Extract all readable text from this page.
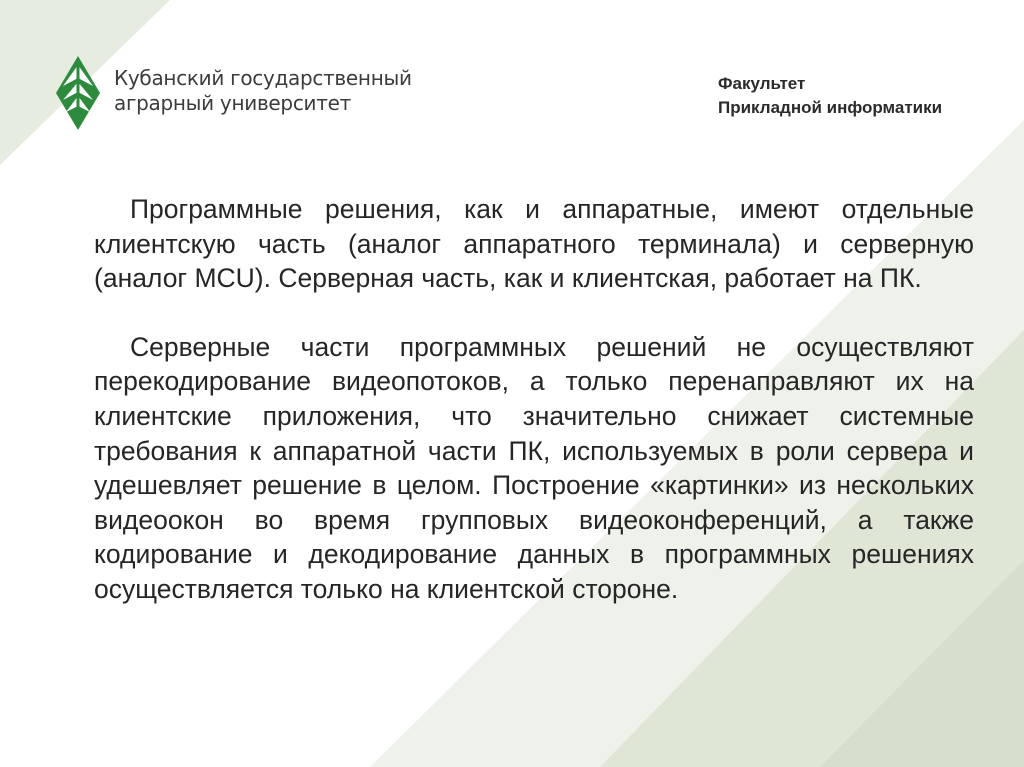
Кубанский государственный
аграрный университет
Факультет
Прикладной информатики

Программные решения, как и аппаратные, имеют отдельные клиентскую часть (аналог аппаратного терминала) и серверную (аналог MCU). Серверная часть, как и клиентская, работает на ПК.

Серверные части программных решений не осуществляют перекодирование видеопотоков, а только перенаправляют их на клиентские приложения, что значительно снижает системные требования к аппаратной части ПК, используемых в роли сервера и удешевляет решение в целом. Построение «картинки» из нескольких видеоокон во время групповых видеоконференций, а также кодирование и декодирование данных в программных решениях осуществляется только на клиентской стороне.
